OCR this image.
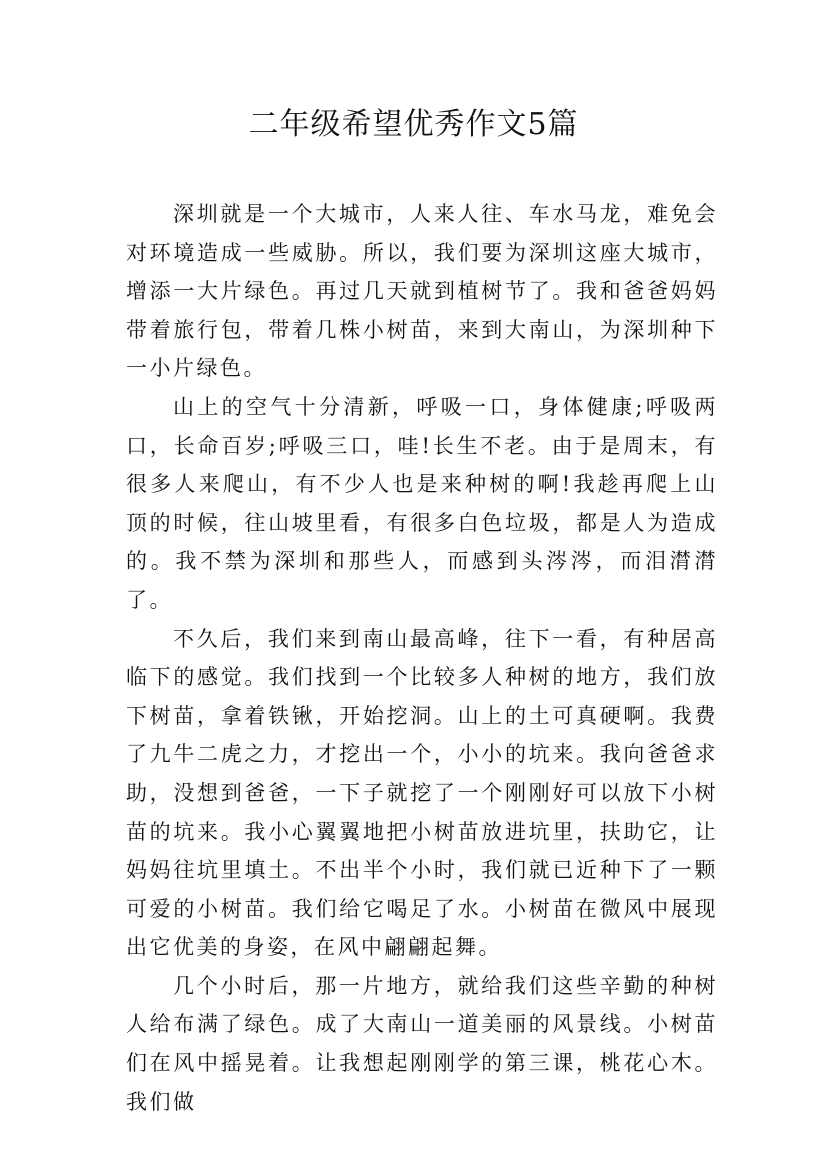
二年级希望优秀作文5篇

深圳就是一个大城市，人来人往、车水马龙，难免会对环境造成一些威胁。所以，我们要为深圳这座大城市，增添一大片绿色。再过几天就到植树节了。我和爸爸妈妈带着旅行包，带着几株小树苗，来到大南山，为深圳种下一小片绿色。

山上的空气十分清新，呼吸一口，身体健康;呼吸两口，长命百岁;呼吸三口，哇!长生不老。由于是周末，有很多人来爬山，有不少人也是来种树的啊!我趁再爬上山顶的时候，往山坡里看，有很多白色垃圾，都是人为造成的。我不禁为深圳和那些人，而感到头涔涔，而泪潸潸了。

不久后，我们来到南山最高峰，往下一看，有种居高临下的感觉。我们找到一个比较多人种树的地方，我们放下树苗，拿着铁锹，开始挖洞。山上的土可真硬啊。我费了九牛二虎之力，才挖出一个，小小的坑来。我向爸爸求助，没想到爸爸，一下子就挖了一个刚刚好可以放下小树苗的坑来。我小心翼翼地把小树苗放进坑里，扶助它，让妈妈往坑里填土。不出半个小时，我们就已近种下了一颗可爱的小树苗。我们给它喝足了水。小树苗在微风中展现出它优美的身姿，在风中翩翩起舞。

几个小时后，那一片地方，就给我们这些辛勤的种树人给布满了绿色。成了大南山一道美丽的风景线。小树苗们在风中摇晃着。让我想起刚刚学的第三课，桃花心木。我们做
